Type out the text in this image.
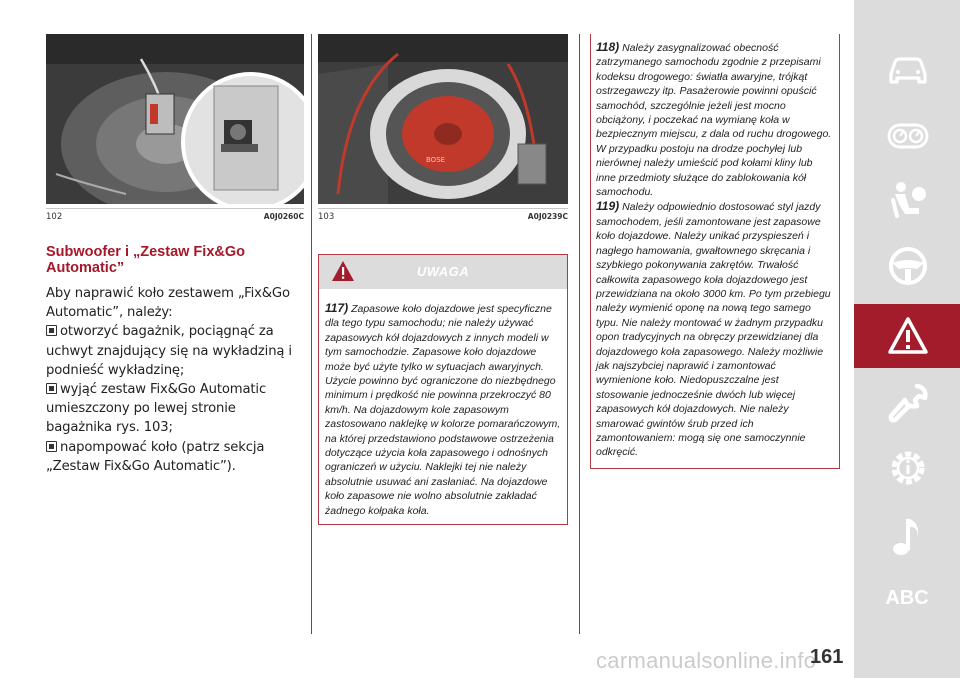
102	A0J0260C
Subwoofer i „Zestaw Fix&Go Automatic”

Aby naprawić koło zestawem „Fix&Go Automatic”, należy:

otworzyć bagażnik, pociągnąć za uchwyt znajdujący się na wykładziną i podnieść wykładzinę;

wyjąć zestaw Fix&Go Automatic umieszczony po lewej stronie bagażnika rys. 103;

napompować koło (patrz sekcja „Zestaw Fix&Go Automatic”).

BOSE
103	A0J0239C
UWAGA
117) Zapasowe koło dojazdowe jest specyficzne dla tego typu samochodu; nie należy używać zapasowych kół dojazdowych z innych modeli w tym samochodzie. Zapasowe koło dojazdowe może być użyte tylko w sytuacjach awaryjnych. Użycie powinno być ograniczone do niezbędnego minimum i prędkość nie powinna przekroczyć 80 km/h. Na dojazdowym kole zapasowym zastosowano naklejkę w kolorze pomarańczowym, na której przedstawiono podstawowe ostrzeżenia dotyczące użycia koła zapasowego i odnośnych ograniczeń w użyciu. Naklejki tej nie należy absolutnie usuwać ani zasłaniać. Na dojazdowe koło zapasowe nie wolno absolutnie zakładać żadnego kołpaka koła.
118) Należy zasygnalizować obecność zatrzymanego samochodu zgodnie z przepisami kodeksu drogowego: światła awaryjne, trójkąt ostrzegawczy itp. Pasażerowie powinni opuścić samochód, szczególnie jeżeli jest mocno obciążony, i poczekać na wymianę koła w bezpiecznym miejscu, z dala od ruchu drogowego. W przypadku postoju na drodze pochyłej lub nierównej należy umieścić pod kołami kliny lub inne przedmioty służące do zablokowania kół samochodu.
119) Należy odpowiednio dostosować styl jazdy samochodem, jeśli zamontowane jest zapasowe koło dojazdowe. Należy unikać przyspieszeń i nagłego hamowania, gwałtownego skręcania i szybkiego pokonywania zakrętów. Trwałość całkowita zapasowego koła dojazdowego jest przewidziana na około 3000 km. Po tym przebiegu należy wymienić oponę na nową tego samego typu. Nie należy montować w żadnym przypadku opon tradycyjnych na obręczy przewidzianej dla dojazdowego koła zapasowego. Należy możliwie jak najszybciej naprawić i zamontować wymienione koło. Niedopuszczalne jest stosowanie jednocześnie dwóch lub więcej zapasowych kół dojazdowych. Nie należy smarować gwintów śrub przed ich zamontowaniem: mogą się one samoczynnie odkręcić.
ABC
carmanualsonline.info
161
